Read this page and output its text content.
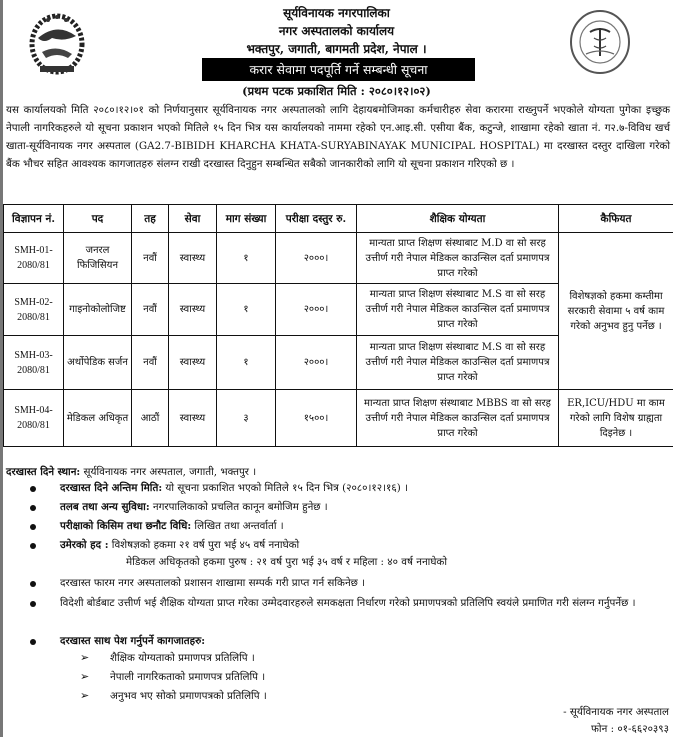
सूर्यविनायक नगरपालिका
नगर अस्पतालको कार्यालय
भक्तपुर, जगाती, बागमती प्रदेश, नेपाल ।
करार सेवामा पदपूर्ति गर्ने सम्बन्धी सूचना
(प्रथम पटक प्रकाशित मिति : २०८०।१२।०२)
यस कार्यालयको मिति २०८०।१२।०१ को निर्णयानुसार सूर्यविनायक नगर अस्पतालको लागि देहायबमोजिमका कर्मचारीहरु सेवा करारमा राख्नुपर्ने भएकोले योग्यता पुगेका इच्छुक नेपाली नागरिकहरुले यो सूचना प्रकाशन भएको मितिले १५ दिन भित्र यस कार्यालयको नाममा रहेको एन.आइ.सी. एसीया बैंक, कटुन्जे, शाखामा रहेको खाता नं. ग२.७-विविध खर्च खाता-सूर्यविनायक नगर अस्पताल (GA2.7-BIBIDH KHARCHA KHATA-SURYABINAYAK MUNICIPAL HOSPITAL) मा दरखास्त दस्तुर दाखिला गरेको बैंक भौचर सहित आवश्यक कागजातहरु संलग्न राखी दरखास्त दिनुहुन सम्बन्धित सबैको जानकारीको लागि यो सूचना प्रकाशन गरिएको छ ।
विज्ञापन नं.	पद	तह	सेवा	माग संख्या	परीक्षा दस्तुर रु.	शैक्षिक योग्यता	कैफियत
SMH-01-2080/81	जनरल फिजिसियन	नवौं	स्वास्थ्य	१	२०००।	मान्यता प्राप्त शिक्षण संस्थाबाट M.D वा सो सरह उत्तीर्ण गरी नेपाल मेडिकल काउन्सिल दर्ता प्रमाणपत्र प्राप्त गरेको	विशेषज्ञको हकमा कम्तीमा सरकारी सेवामा ५ वर्ष काम गरेको अनुभव हुनु पर्नेछ ।
SMH-02-2080/81	गाइनोकोलोजिष्ट	नवौं	स्वास्थ्य	१	२०००।	मान्यता प्राप्त शिक्षण संस्थाबाट M.S वा सो सरह उत्तीर्ण गरी नेपाल मेडिकल काउन्सिल दर्ता प्रमाणपत्र प्राप्त गरेको	
SMH-03-2080/81	अर्थोपेडिक सर्जन	नवौं	स्वास्थ्य	१	२०००।	मान्यता प्राप्त शिक्षण संस्थाबाट M.S वा सो सरह उत्तीर्ण गरी नेपाल मेडिकल काउन्सिल दर्ता प्रमाणपत्र प्राप्त गरेको	
SMH-04-2080/81	मेडिकल अधिकृत	आठौं	स्वास्थ्य	३	१५००।	मान्यता प्राप्त शिक्षण संस्थाबाट MBBS वा सो सरह उत्तीर्ण गरी नेपाल मेडिकल काउन्सिल दर्ता प्रमाणपत्र प्राप्त गरेको	ER,ICU/HDU मा काम गरेको लागि विशेष ग्राह्यता दिइनेछ ।
दरखास्त दिने स्थान: सूर्यविनायक नगर अस्पताल, जगाती, भक्तपुर ।
दरखास्त दिने अन्तिम मिति: यो सूचना प्रकाशित भएको मितिले १५ दिन भित्र (२०८०।१२।१६) ।
तलब तथा अन्य सुविधा: नगरपालिकाको प्रचलित कानून बमोजिम हुनेछ ।
परीक्षाको किसिम तथा छनौट विधि: लिखित तथा अन्तर्वार्ता ।
उमेरको हद : विशेषज्ञको हकमा २१ वर्ष पुरा भई ४५ वर्ष ननाघेको
मेडिकल अधिकृतको हकमा पुरुष : २१ वर्ष पुरा भई ३५ वर्ष र महिला : ४० वर्ष ननाघेको
दरखास्त फारम नगर अस्पतालको प्रशासन शाखामा सम्पर्क गरी प्राप्त गर्न सकिनेछ ।
विदेशी बोर्डबाट उत्तीर्ण भई शैक्षिक योग्यता प्राप्त गरेका उम्मेदवारहरुले समकक्षता निर्धारण गरेको प्रमाणपत्रको प्रतिलिपि स्वयंले प्रमाणित गरी संलग्न गर्नुपर्नेछ ।
दरखास्त साथ पेश गर्नुपर्ने कागजातहरु:
➢ शैक्षिक योग्यताको प्रमाणपत्र प्रतिलिपि ।
➢ नेपाली नागरिकताको प्रमाणपत्र प्रतिलिपि ।
➢ अनुभव भए सोको प्रमाणपत्रको प्रतिलिपि ।
- सूर्यविनायक नगर अस्पताल
फोन : ०१-६६२०३९३
